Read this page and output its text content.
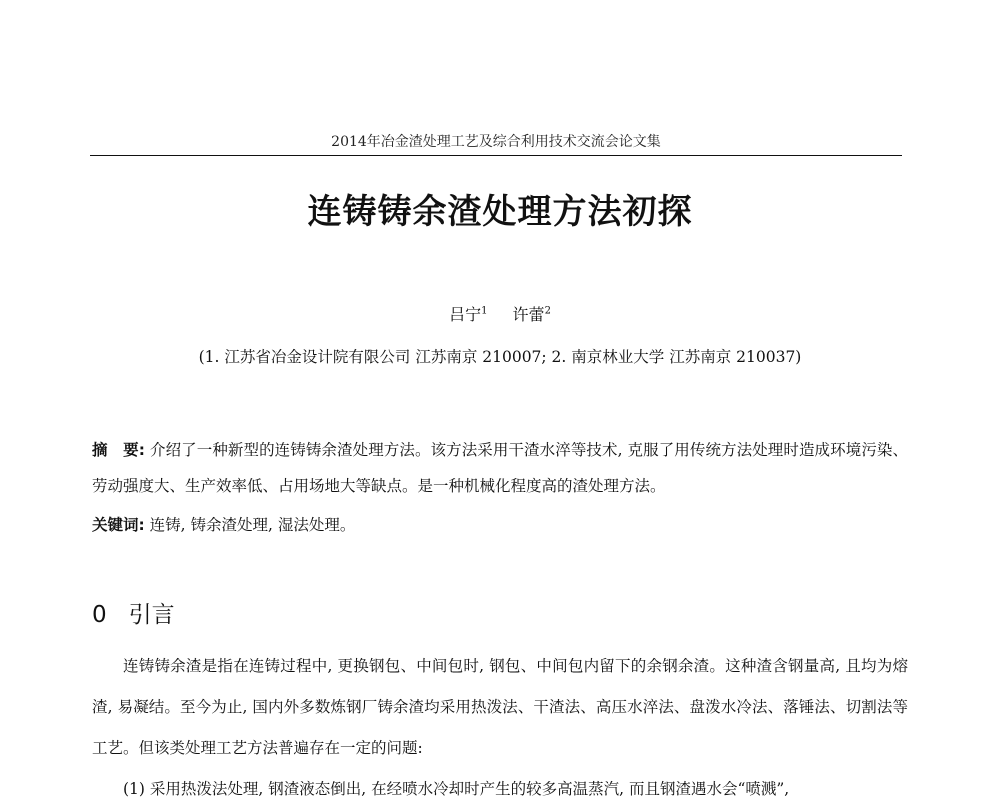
2014年冶金渣处理工艺及综合利用技术交流会论文集
连铸铸余渣处理方法初探
吕宁$^1$ 许蕾$^2$
(1. 江苏省冶金设计院有限公司 江苏南京 210007; 2. 南京林业大学 江苏南京 210037)
摘　要: 介绍了一种新型的连铸铸余渣处理方法。该方法采用干渣水淬等技术, 克服了用传统方法处理时造成环境污染、劳动强度大、生产效率低、占用场地大等缺点。是一种机械化程度高的渣处理方法。
关键词: 连铸, 铸余渣处理, 湿法处理。
0 引言

连铸铸余渣是指在连铸过程中, 更换钢包、中间包时, 钢包、中间包内留下的余钢余渣。这种渣含钢量高, 且均为熔渣, 易凝结。至今为止, 国内外多数炼钢厂铸余渣均采用热泼法、干渣法、高压水淬法、盘泼水冷法、落锤法、切割法等工艺。但该类处理工艺方法普遍存在一定的问题:

(1) 采用热泼法处理, 钢渣液态倒出, 在经喷水冷却时产生的较多高温蒸汽, 而且钢渣遇水会“喷溅”,
